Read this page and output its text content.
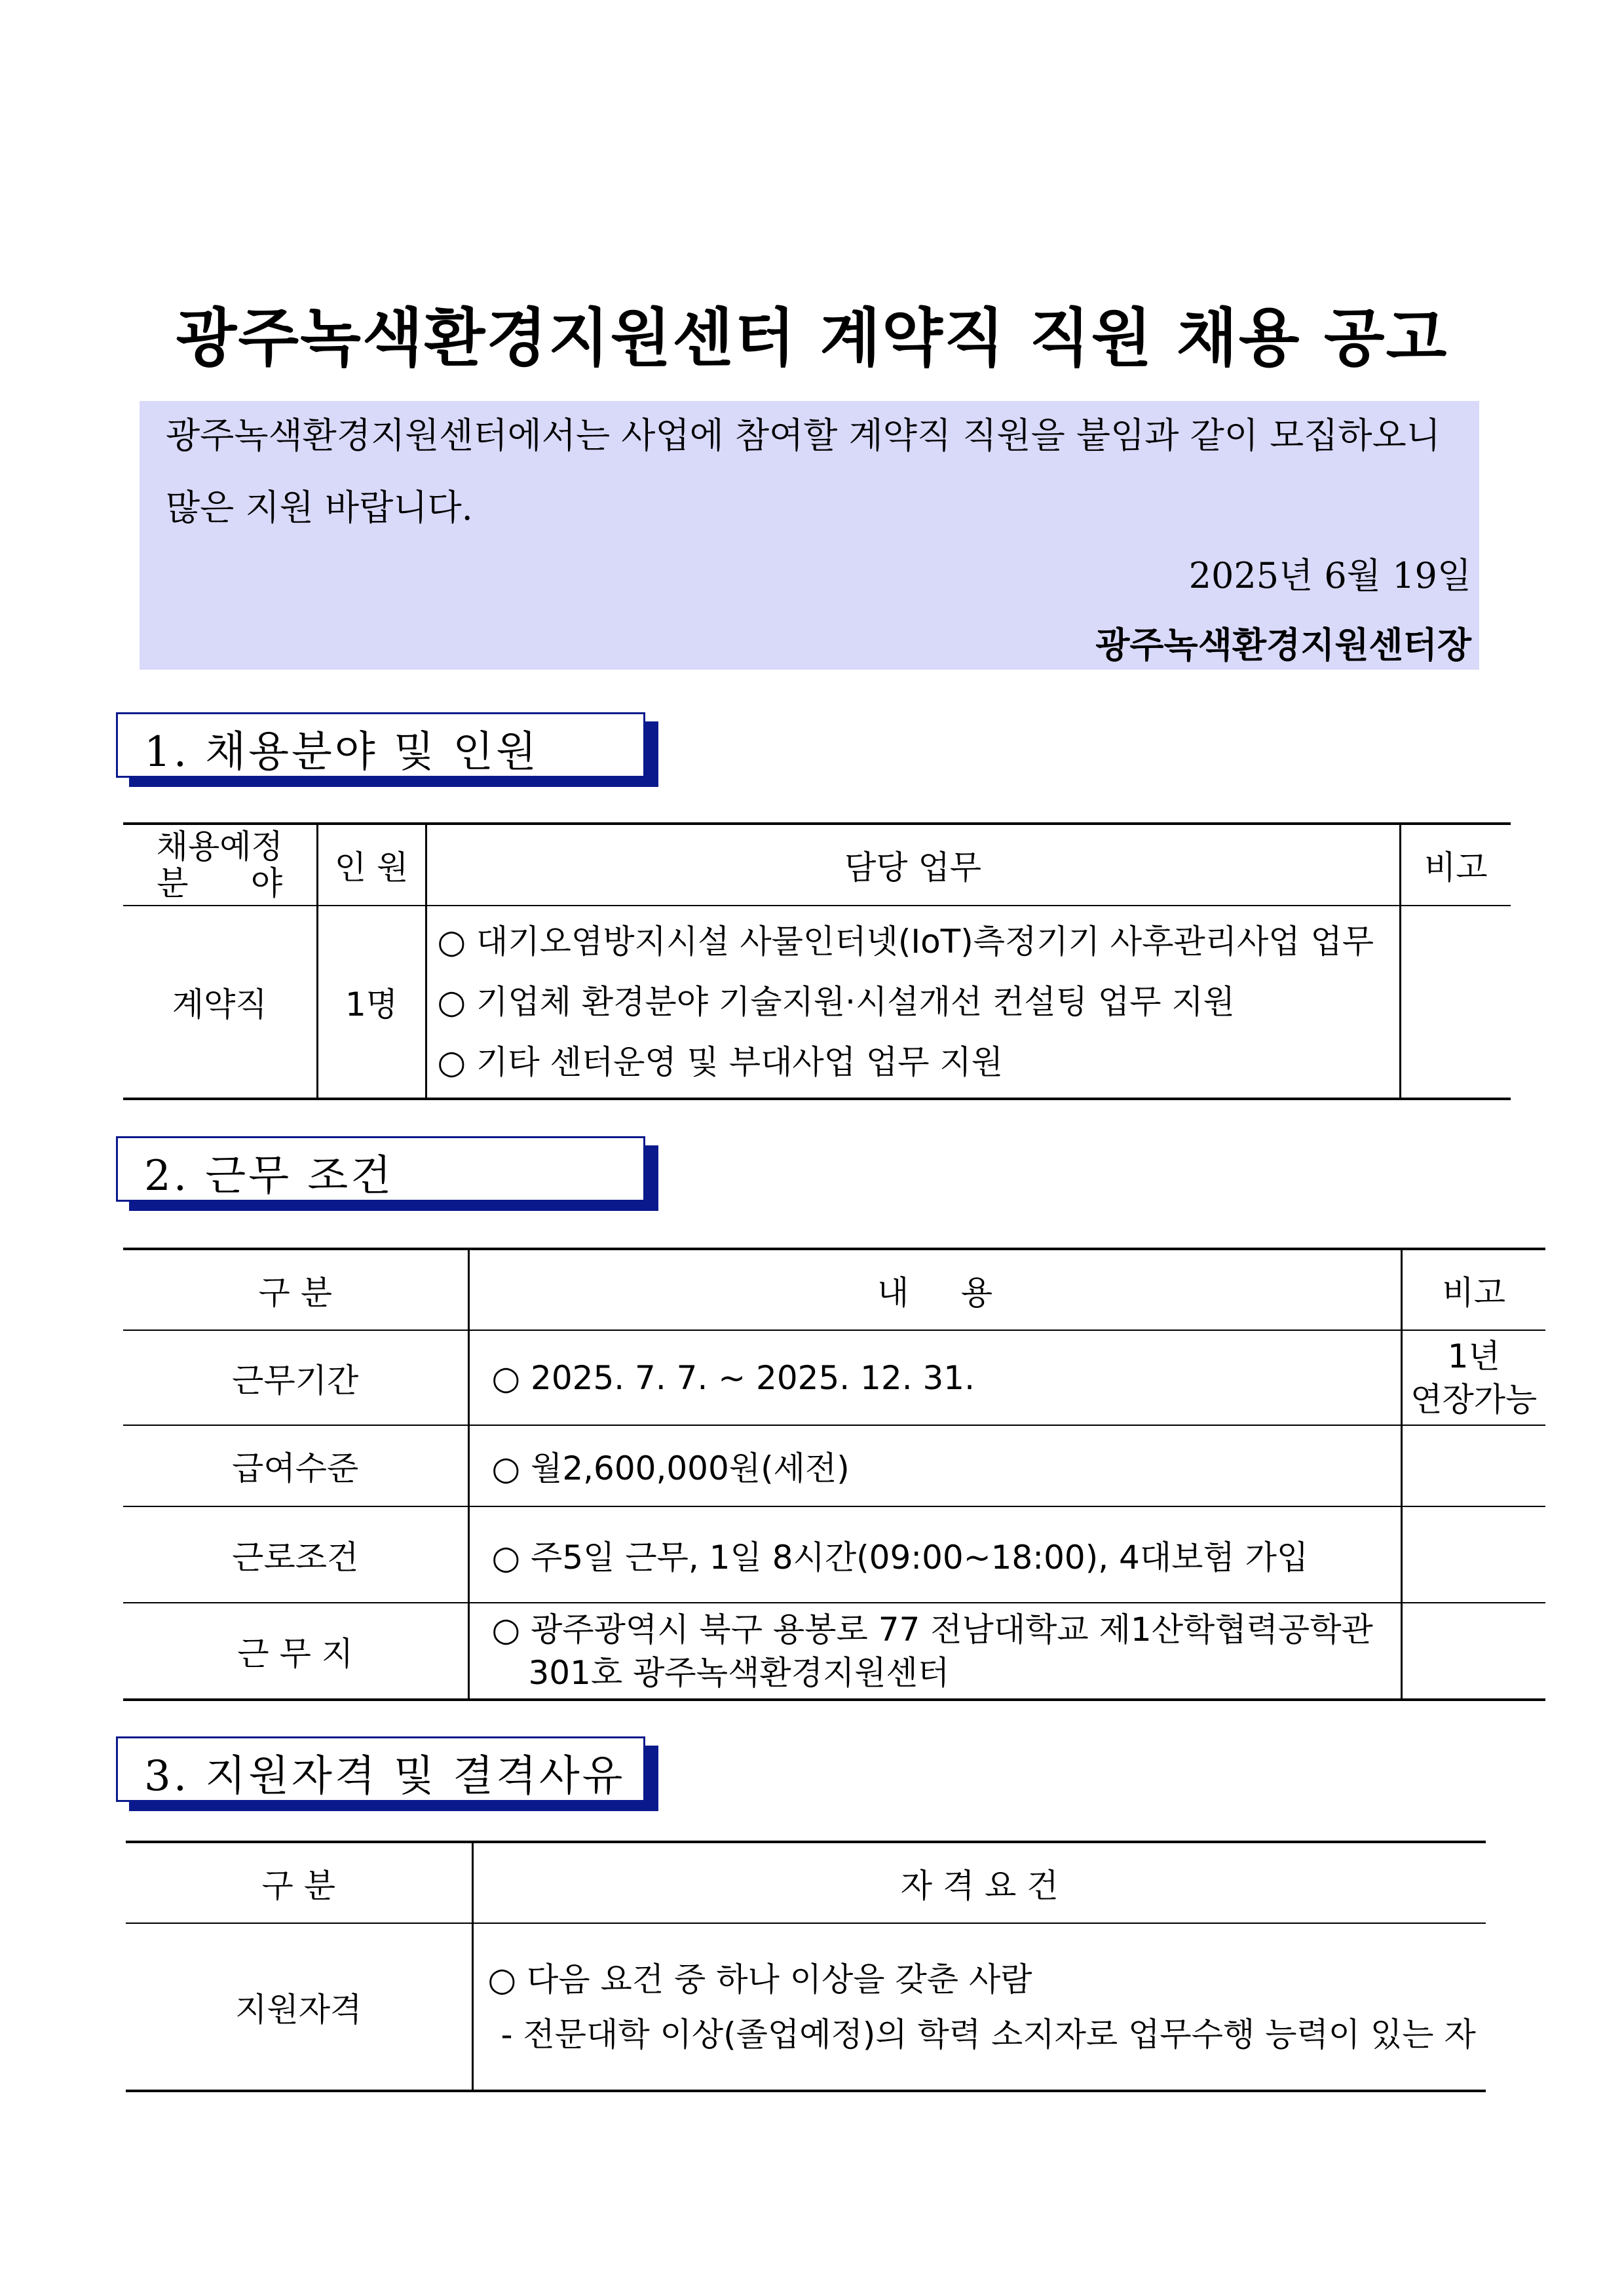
광주녹색환경지원센터 계약직 직원 채용 공고
광주녹색환경지원센터에서는 사업에 참여할 계약직 직원을 붙임과 같이 모집하오니
많은 지원 바랍니다.
2025년 6월 19일
광주녹색환경지원센터장
1. 채용분야 및 인원
채용예정
분      야	인 원	담당 업무	비고
계약직	1명	○ 대기오염방지시설 사물인터넷(IoT)측정기기 사후관리사업 업무
○ 기업체 환경분야 기술지원·시설개선 컨설팅 업무 지원
○ 기타 센터운영 및 부대사업 업무 지원	

2. 근무 조건
구 분	내     용	비고
근무기간	○ 2025. 7. 7. ~ 2025. 12. 31.	1년
연장가능

급여수준	○ 월2,600,000원(세전)	
근로조건	○ 주5일 근무, 1일 8시간(09:00~18:00), 4대보험 가입	
근 무 지	○ 광주광역시 북구 용봉로 77 전남대학교 제1산학협력공학관
301호 광주녹색환경지원센터	

3. 지원자격 및 결격사유
구 분	자 격 요 건
지원자격	○ 다음 요건 중 하나 이상을 갖춘 사람
- 전문대학 이상(졸업예정)의 학력 소지자로 업무수행 능력이 있는 자
